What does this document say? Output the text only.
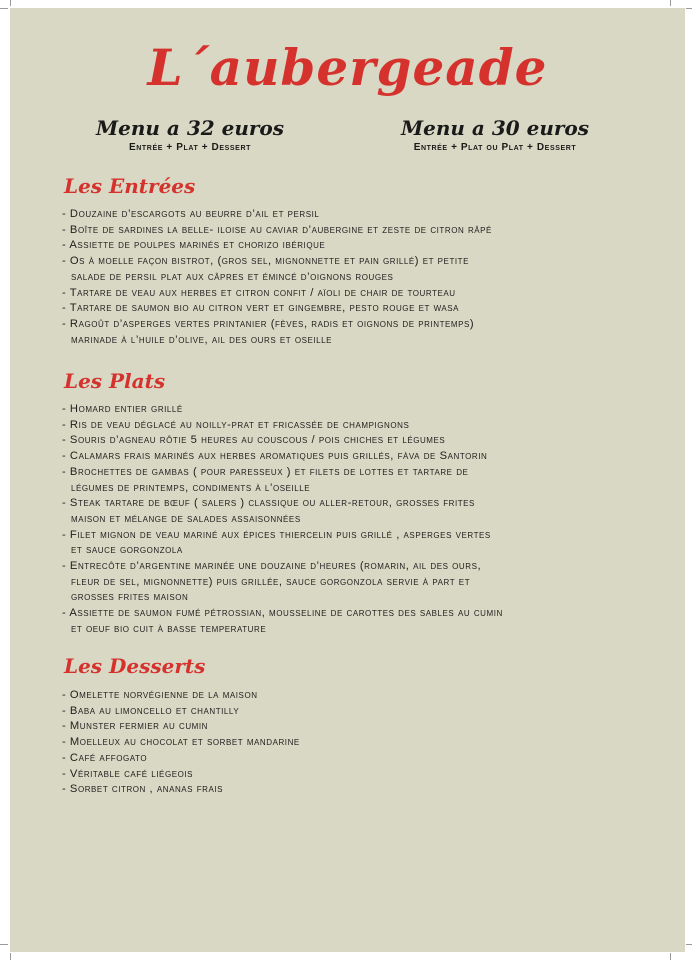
L´aubergeade
Menu a 32 euros
Entrée + Plat + Dessert
Menu a 30 euros
Entrée + Plat ou Plat + Dessert
Les Entrées
- Douzaine d’escargots au beurre d’ail et persil
- Boîte de sardines la belle- iloise au caviar d’aubergine et zeste de citron râpé
- Assiette de poulpes marinés et chorizo ibérique
- Os à moelle façon bistrot, (gros sel, mignonnette et pain grillé) et petite
salade de persil plat aux câpres et émincé d’oignons rouges
- Tartare de veau aux herbes et citron confit / aïoli de chair de tourteau
- Tartare de saumon bio au citron vert et gingembre, pesto rouge et wasa
- Ragoût d’asperges vertes printanier (fèves, radis et oignons de printemps)
marinade à l’huile d’olive, ail des ours et oseille
Les Plats
- Homard entier grillé
- Ris de veau déglacé au noilly-prat et fricassée de champignons
- Souris d’agneau rôtie 5 heures au couscous / pois chiches et légumes
- Calamars frais marinés aux herbes aromatiques puis grillés, fàva de Santorin
- Brochettes de gambas ( pour paresseux ) et filets de lottes et tartare de
légumes de printemps, condiments à l’oseille
- Steak tartare de bœuf ( salers ) classique ou aller-retour, grosses frites
maison et mélange de salades assaisonnées
- Filet mignon de veau mariné aux épices thiercelin puis grillé , asperges vertes
et sauce gorgonzola
- Entrecôte d’argentine marinée une douzaine d’heures (romarin, ail des ours,
fleur de sel, mignonnette) puis grillée, sauce gorgonzola servie à part et
grosses frites maison
- Assiette de saumon fumé pétrossian, mousseline de carottes des sables au cumin
et oeuf bio cuit à basse temperature
Les Desserts
- Omelette norvégienne de la maison
- Baba au limoncello et chantilly
- Munster fermier au cumin
- Moelleux au chocolat et sorbet mandarine
- Café affogato
- Véritable café liégeois
- Sorbet citron , ananas frais
